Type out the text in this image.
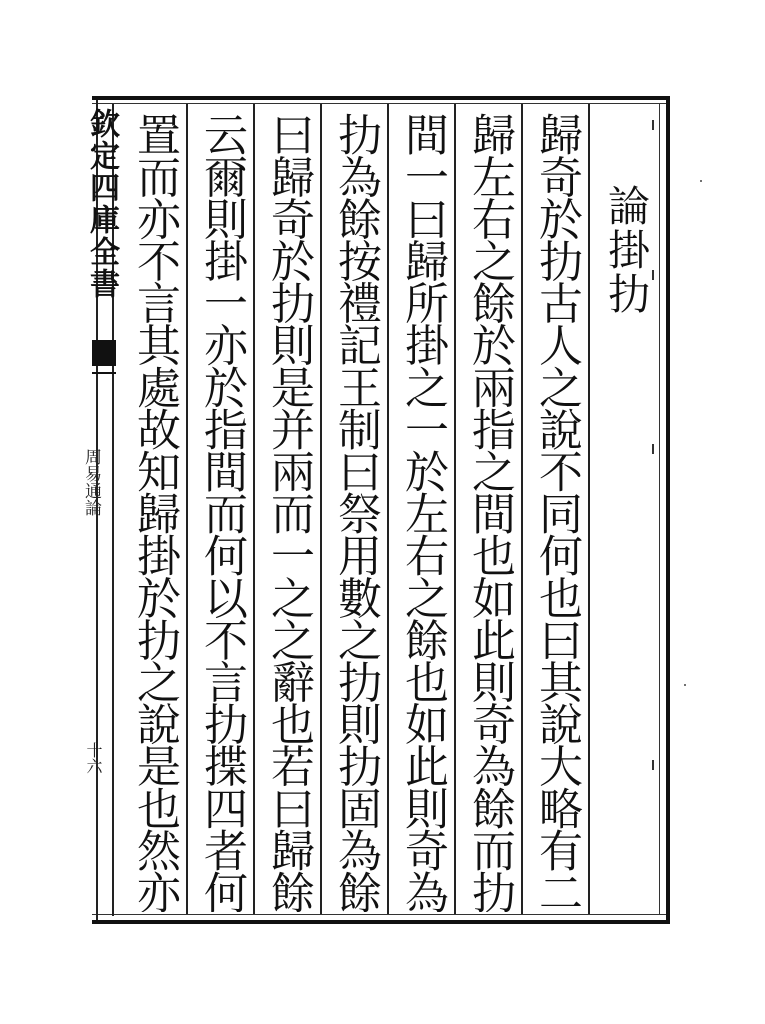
欽定四庫全書
周易通論
十六
論掛扐
歸奇於扐古人之說不同何也曰其說大略有二
歸左右之餘於兩指之間也如此則奇為餘而扐
間一曰歸所掛之一於左右之餘也如此則奇為
扐為餘按禮記王制曰祭用數之扐則扐固為餘
曰歸奇於扐則是并兩而一之之辭也若曰歸餘
云爾則掛一亦於指間而何以不言扐揲四者何
置而亦不言其處故知歸掛於扐之說是也然亦
